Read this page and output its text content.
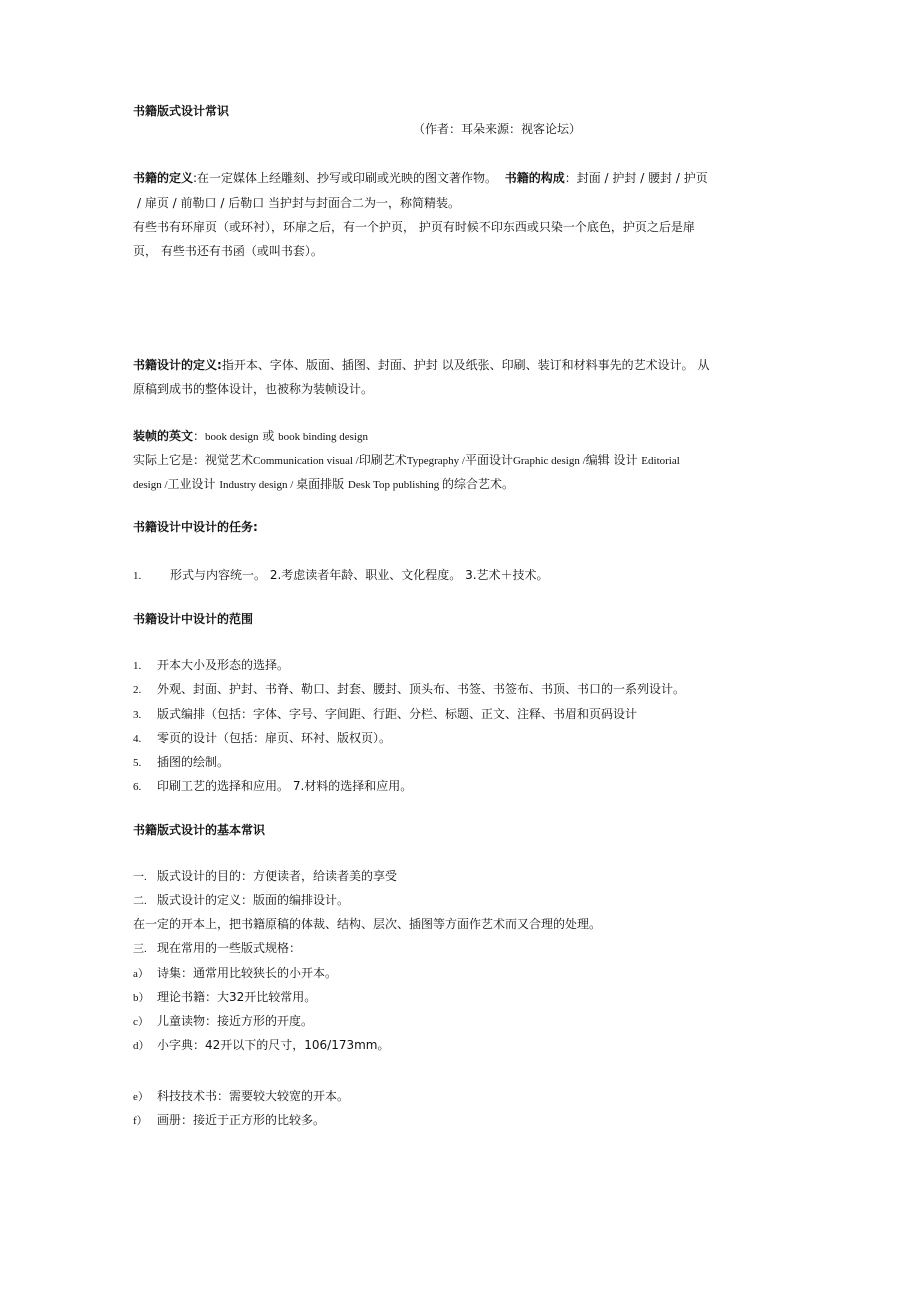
书籍版式设计常识
（作者：耳朵来源：视客论坛）
书籍的定义:在一定媒体上经雕刻、抄写或印刷或光映的图文著作物。 书籍的构成：封面 / 护封 / 腰封 / 护页
/ 扉页 / 前勒口 / 后勒口 当护封与封面合二为一，称简精装。
有些书有环扉页（或环衬），环扉之后，有一个护页， 护页有时候不印东西或只染一个底色，护页之后是扉
页， 有些书还有书函（或叫书套）。
书籍设计的定义:指开本、字体、版面、插图、封面、护封 以及纸张、印刷、装订和材料事先的艺术设计。 从
原稿到成书的整体设计，也被称为装帧设计。
装帧的英文：book design 或 book binding design
实际上它是：视觉艺术Communication visual /印刷艺术Typegraphy /平面设计Graphic design /编辑 设计 Editorial
design /工业设计 Industry design / 桌面排版 Desk Top publishing 的综合艺术。
书籍设计中设计的任务:
1. 形式与内容统一。 2.考虑读者年龄、职业、文化程度。 3.艺术＋技术。
书籍设计中设计的范围
1. 开本大小及形态的选择。
2. 外观、封面、护封、书脊、勒口、封套、腰封、顶头布、书签、书签布、书顶、书口的一系列设计。
3. 版式编排（包括：字体、字号、字间距、行距、分栏、标题、正文、注释、书眉和页码设计
4. 零页的设计（包括：扉页、环衬、版权页）。
5. 插图的绘制。
6. 印刷工艺的选择和应用。 7.材料的选择和应用。
书籍版式设计的基本常识
一. 版式设计的目的：方便读者，给读者美的享受
二. 版式设计的定义：版面的编排设计。
在一定的开本上，把书籍原稿的体裁、结构、层次、插图等方面作艺术而又合理的处理。
三. 现在常用的一些版式规格：
a） 诗集：通常用比较狭长的小开本。
b） 理论书籍：大32开比较常用。
c） 儿童读物：接近方形的开度。
d） 小字典：42开以下的尺寸，106/173mm。
e） 科技技术书：需要较大较宽的开本。
f） 画册：接近于正方形的比较多。
